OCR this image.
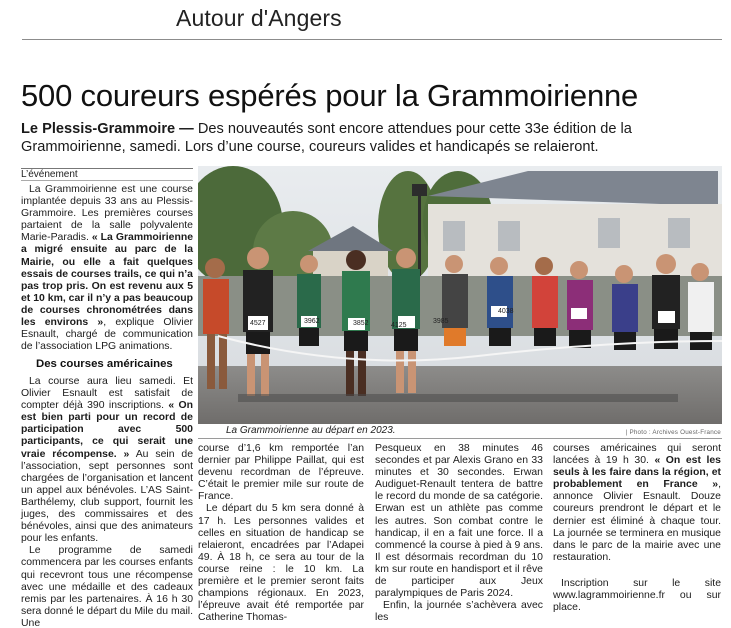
Autour d'Angers
500 coureurs espérés pour la Grammoirienne

Le Plessis-Grammoire — Des nouveautés sont encore attendues pour cette 33e édition de la Grammoirienne, samedi. Lors d’une course, coureurs valides et handicapés se relaieront.

L’événement

La Grammoirienne est une course implantée depuis 33 ans au Plessis-Grammoire. Les premières courses partaient de la salle polyvalente Marie-Paradis. « La Grammoirienne a migré ensuite au parc de la Mairie, ou elle a fait quelques essais de courses trails, ce qui n’a pas trop pris. On est revenu aux 5 et 10 km, car il n’y a pas beaucoup de courses chronométrées dans les environs », explique Olivier Esnault, chargé de communication de l’association LPG animations.

Des courses américaines

La course aura lieu samedi. Et Olivier Esnault est satisfait de compter déjà 390 inscriptions. « On est bien parti pour un record de participation avec 500 participants, ce qui serait une vraie récompense. » Au sein de l’association, sept personnes sont chargées de l’organisation et lancent un appel aux bénévoles. L’AS Saint-Barthélemy, club support, fournit les juges, des commissaires et des bénévoles, ainsi que des animateurs pour les enfants.

Le programme de samedi commencera par les courses enfants qui recevront tous une récompense avec une médaille et des cadeaux remis par les partenaires. À 16 h 30 sera donné le départ du Mile du mail. Une

4527	4125
3962	3985
3852
4038
La Grammoirienne au départ en 2023.	| Photo : Archives Ouest-France

course d’1,6 km remportée l’an dernier par Philippe Paillat, qui est devenu recordman de l’épreuve. C’était le premier mile sur route de France.

Le départ du 5 km sera donné à 17 h. Les personnes valides et celles en situation de handicap se relaieront, encadrées par l’Adapei 49. À 18 h, ce sera au tour de la course reine : le 10 km. La première et le premier seront faits champions régionaux. En 2023, l’épreuve avait été remportée par Catherine Thomas-

Pesqueux en 38 minutes 46 secondes et par Alexis Grano en 33 minutes et 30 secondes. Erwan Audiguet-Renault tentera de battre le record du monde de sa catégorie. Erwan est un athlète pas comme les autres. Son combat contre le handicap, il en a fait une force. Il a commencé la course à pied à 9 ans. Il est désormais recordman du 10 km sur route en handisport et il rêve de participer aux Jeux paralympiques de Paris 2024.

Enfin, la journée s’achèvera avec les

courses américaines qui seront lancées à 19 h 30. « On est les seuls à les faire dans la région, et probablement en France », annonce Olivier Esnault. Douze coureurs prendront le départ et le dernier est éliminé à chaque tour. La journée se terminera en musique dans le parc de la mairie avec une restauration.

Inscription sur le site www.lagrammoirienne.fr ou sur place.
